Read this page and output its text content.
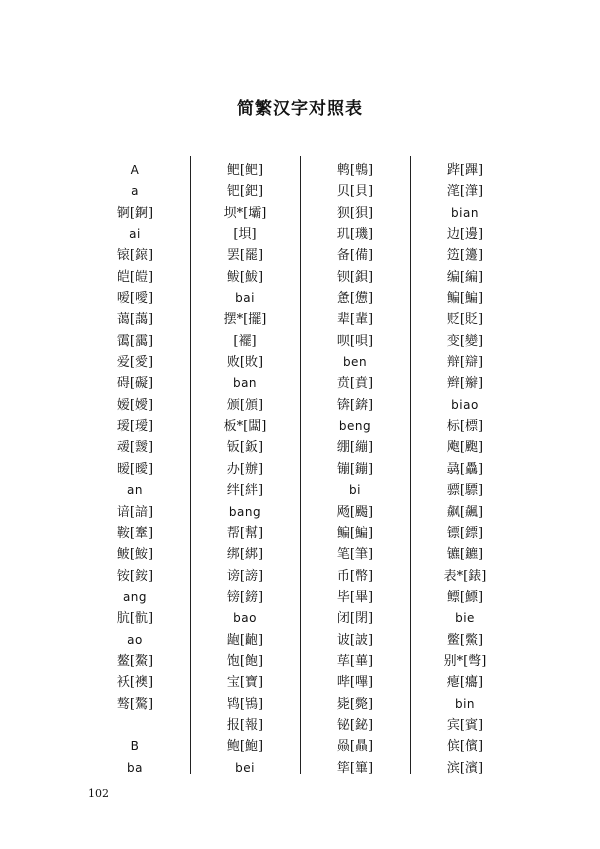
简繁汉字对照表
A
a
锕[錒]
ai
锿[鎄]
皑[皚]
嗳[噯]
蔼[藹]
霭[靄]
爱[愛]
碍[礙]
嫒[嬡]
瑷[璦]
叆[靉]
暧[曖]
an
谙[諳]
鞍[鞌]
鲏[鮟]
铵[銨]
ang
肮[骯]
ao
鳌[鰲]
袄[襖]
骜[驁]
B
ba
鲃[鲃]
钯[鈀]
坝*[壩]
[垻]
罢[罷]
鲅[鮁]
bai
摆*[擺]
[襬]
败[敗]
ban
颁[頒]
板*[闆]
钣[鈑]
办[辦]
绊[絆]
bang
帮[幫]
绑[綁]
谤[謗]
镑[鎊]
bao
龅[齙]
饱[飽]
宝[寶]
鸨[鴇]
报[報]
鲍[鮑]
bei
鹎[鵯]
贝[貝]
狈[狽]
玑[璣]
备[備]
钡[鋇]
惫[憊]
辈[輩]
呗[唄]
ben
贲[賁]
锛[錛]
beng
绷[繃]
镚[鏰]
bi
飏[颺]
鳊[鯿]
笔[筆]
币[幣]
毕[畢]
闭[閉]
诐[詖]
荜[蓽]
哔[嗶]
毙[斃]
铋[鉍]
赑[贔]
筚[篳]
跸[蹕]
滗[潷]
bian
边[邊]
笾[籩]
编[編]
鳊[鯿]
贬[貶]
变[變]
辩[辯]
辫[辮]
biao
标[標]
飑[颮]
骉[驫]
骠[驃]
飙[飆]
镖[鏢]
镳[鑣]
表*[錶]
鳔[鰾]
bie
鳖[鱉]
别*[彆]
瘪[癟]
bin
宾[賓]
傧[儐]
滨[濱]
102
